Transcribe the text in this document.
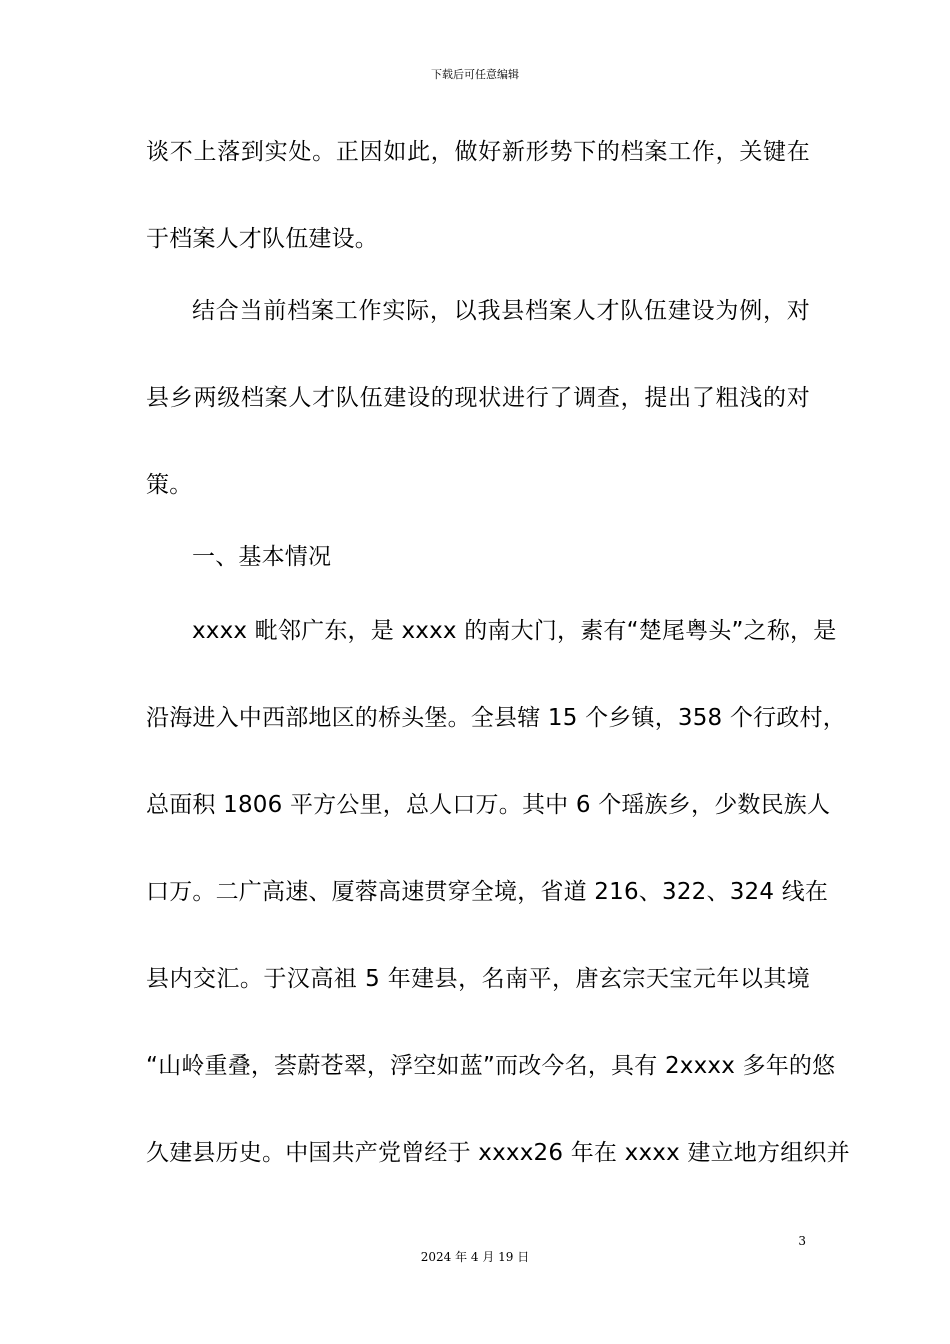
下载后可任意编辑
谈不上落到实处。正因如此，做好新形势下的档案工作，关键在
于档案人才队伍建设。
结合当前档案工作实际，以我县档案人才队伍建设为例，对
县乡两级档案人才队伍建设的现状进行了调查，提出了粗浅的对
策。
一、基本情况
xxxx 毗邻广东，是 xxxx 的南大门，素有“楚尾粤头”之称，是
沿海进入中西部地区的桥头堡。全县辖 15 个乡镇，358 个行政村，
总面积 1806 平方公里，总人口万。其中 6 个瑶族乡，少数民族人
口万。二广高速、厦蓉高速贯穿全境，省道 216、322、324 线在
县内交汇。于汉高祖 5 年建县，名南平，唐玄宗天宝元年以其境
“山岭重叠，荟蔚苍翠，浮空如蓝”而改今名，具有 2xxxx 多年的悠
久建县历史。中国共产党曾经于 xxxx26 年在 xxxx 建立地方组织并
3
2024 年 4 月 19 日
